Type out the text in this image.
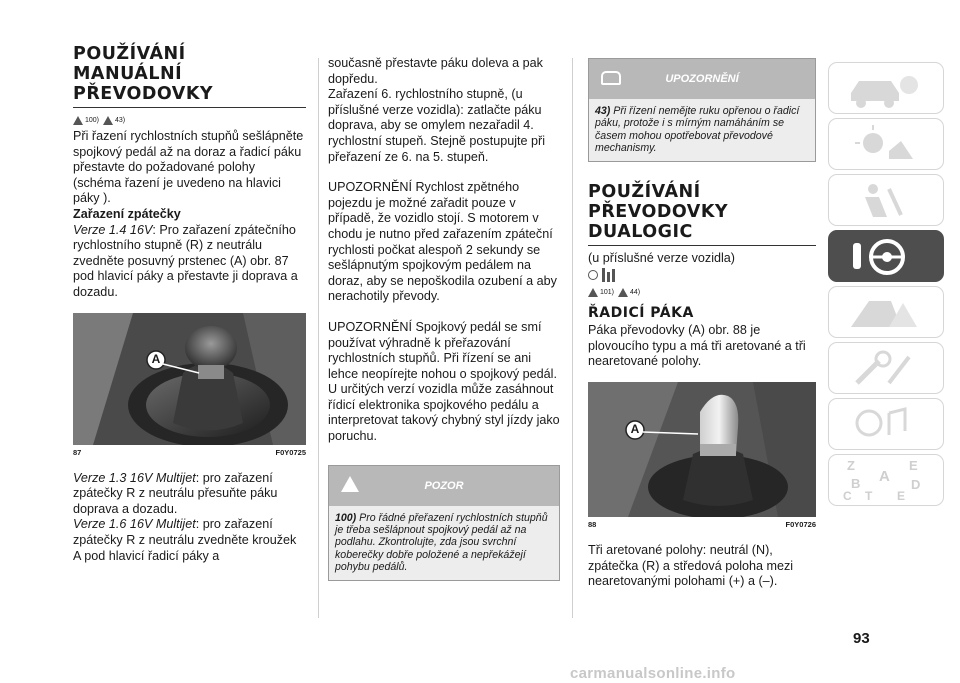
POUŽÍVÁNÍ
MANUÁLNÍ
PŘEVODOVKY
100) 43)

Při řazení rychlostních stupňů sešlápněte spojkový pedál až na doraz a řadicí páku přestavte do požadované polohy (schéma řazení je uvedeno na hlavici páky ).

Zařazení zpátečky

Verze 1.4 16V: Pro zařazení zpátečního rychlostního stupně (R) z neutrálu zvedněte posuvný prstenec (A) obr. 87 pod hlavicí páky a přestavte ji doprava a dozadu.

A
87	F0Y0725

Verze 1.3 16V Multijet: pro zařazení zpátečky R z neutrálu přesuňte páku doprava a dozadu.

Verze 1.6 16V Multijet: pro zařazení zpátečky R z neutrálu zvedněte kroužek A pod hlavicí řadicí páky a

současně přestavte páku doleva a pak dopředu.

Zařazení 6. rychlostního stupně, (u příslušné verze vozidla): zatlačte páku doprava, aby se omylem nezařadil 4. rychlostní stupeň. Stejně postupujte při přeřazení ze 6. na 5. stupeň.

UPOZORNĚNÍ Rychlost zpětného pojezdu je možné zařadit pouze v případě, že vozidlo stojí. S motorem v chodu je nutno před zařazením zpáteční rychlosti počkat alespoň 2 sekundy se sešlápnutým spojkovým pedálem na doraz, aby se nepoškodila ozubení a aby nerachotily převody.

UPOZORNĚNÍ Spojkový pedál se smí používat výhradně k přeřazování rychlostních stupňů. Při řízení se ani lehce neopírejte nohou o spojkový pedál. U určitých verzí vozidla může zasáhnout řídicí elektronika spojkového pedálu a interpretovat takový chybný styl jízdy jako poruchu.

POZOR
100) Pro řádné přeřazení rychlostních stupňů je třeba sešlápnout spojkový pedál až na podlahu. Zkontrolujte, zda jsou svrchní koberečky dobře položené a nepřekážejí pohybu pedálů.
UPOZORNĚNÍ
43) Při řízení nemějte ruku opřenou o řadicí páku, protože i s mírným namáháním se časem mohou opotřebovat převodové mechanismy.
POUŽÍVÁNÍ
PŘEVODOVKY
DUALOGIC

(u příslušné verze vozidla)

101) 44)

ŘADICÍ PÁKA

Páka převodovky (A) obr. 88 je plovoucího typu a má tři aretované a tři nearetované polohy.

A
88	F0Y0726

Tři aretované polohy: neutrál (N), zpátečka (R) a středová poloha mezi nearetovanými polohami (+) a (–).

Z	E
A
B
C
D
T E
93
carmanualsonline.info
